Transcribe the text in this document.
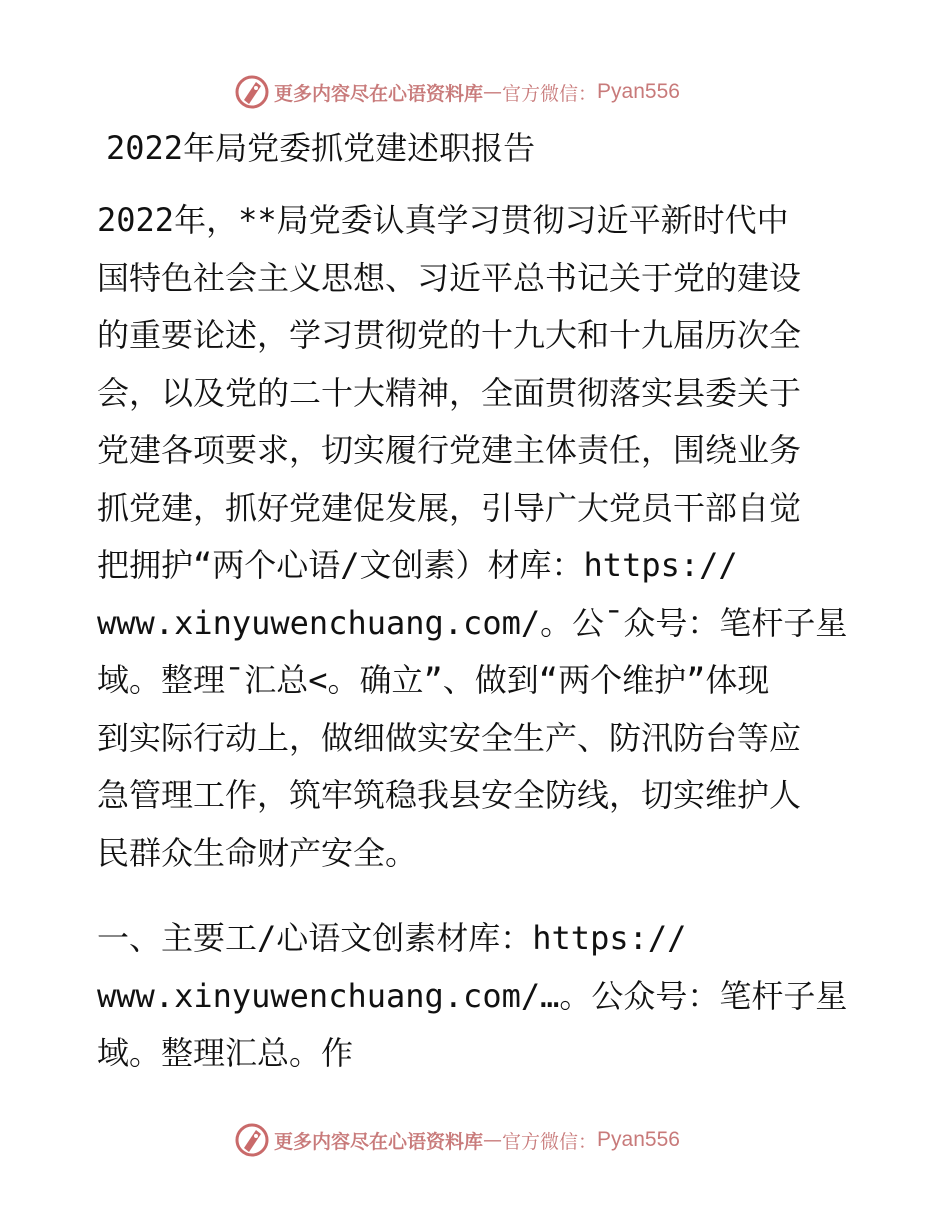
更多内容尽在心语资料库 — 官方微信： Pyan556
2022年局党委抓党建述职报告
2022年，**局党委认真学习贯彻习近平新时代中
国特色社会主义思想、习近平总书记关于党的建设
的重要论述，学习贯彻党的十九大和十九届历次全
会，以及党的二十大精神，全面贯彻落实县委关于
党建各项要求，切实履行党建主体责任，围绕业务
抓党建，抓好党建促发展，引导广大党员干部自觉
把拥护“两个心语/文创素）材库：https://
www.xinyuwenchuang.com/。公¯众号：笔杆子星
域。整理¯汇总<。确立”、做到“两个维护”体现
到实际行动上，做细做实安全生产、防汛防台等应
急管理工作，筑牢筑稳我县安全防线，切实维护人
民群众生命财产安全。
一、主要工/心语文创素材库：https://
www.xinyuwenchuang.com/…。公众号：笔杆子星
域。整理汇总。作
更多内容尽在心语资料库 — 官方微信： Pyan556
